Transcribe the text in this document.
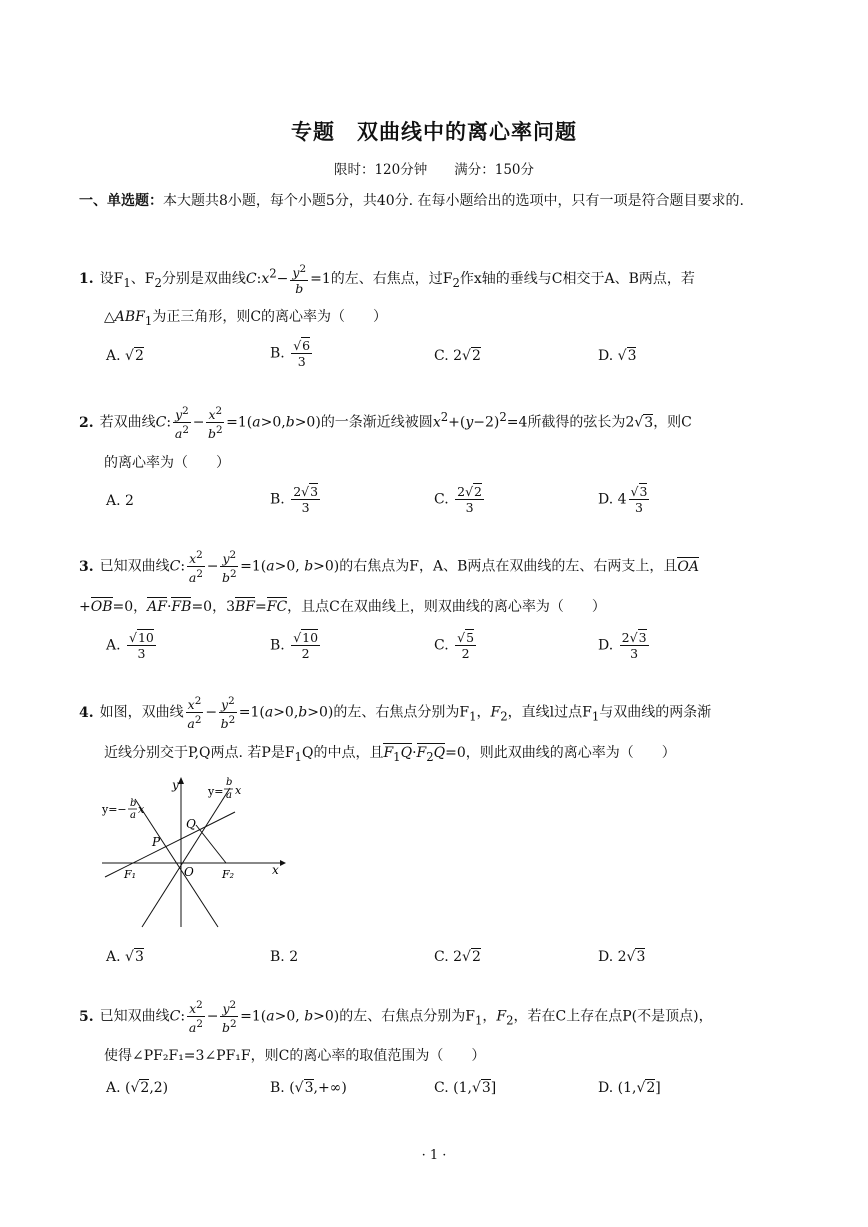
专题　双曲线中的离心率问题
限时：120分钟　　满分：150分
一、单选题：本大题共8小题，每个小题5分，共40分. 在每小题给出的选项中，只有一项是符合题目要求的.
1. 设$F_1$、$F_2$分别是双曲线$C:x^2- \frac{y^2}{b} =1$的左、右焦点，过$F_2$作x轴的垂线与C相交于A、B两点，若
$\triangle ABF_1$为正三角形，则C的离心率为（　　）
A. √2	B. $\frac{√6}{3}$	C. 2√2	D. √3
2. 若双曲线C: $\frac{y^2}{a^2} - \frac{x^2}{b^2} =1(a>0,b>0)$的一条渐近线被圆$x^2+(y-2)^2=4$所截得的弦长为2√3，则C
的离心率为（　　）
A. 2	B. $\frac{2√3}{3}$	C. $\frac{2√2}{3}$	D. $4 \frac{√3}{3}$
3. 已知双曲线C: $\frac{x^2}{a^2} - \frac{y^2}{b^2} =1(a>0$, b>0)的右焦点为F，A、B两点在双曲线的左、右两支上，且OA
+OB=0，AF·FB=0，3BF=FC，且点C在双曲线上，则双曲线的离心率为（　　）
A. $\frac{√10}{3}$	B. $\frac{√10}{2}$	C. $\frac{√5}{2}$	D. $\frac{2√3}{3}$
4. 如图，双曲线 $\frac{x^2}{a^2} - \frac{y^2}{b^2} =1(a>0,b>0)$的左、右焦点分别为$F_1$，$F_2$，直线l过点$F_1$与双曲线的两条渐
近线分别交于P,Q两点. 若P是$F_1Q$的中点，且$F_1Q\cdot F_2Q=0$，则此双曲线的离心率为（　　）
y
x
O
P
Q
F₁	F₂
y=− b
a x
y=
b
a x
A. √3	B. 2	C. 2√2	D. 2√3
5. 已知双曲线C: $\frac{x^2}{a^2} - \frac{y^2}{b^2} =1(a>0$, b>0)的左、右焦点分别为$F_1$，$F_2$，若在C上存在点P(不是顶点)，
使得∠PF₂F₁=3∠PF₁F，则C的离心率的取值范围为（　　）
A. (√2,2)	B. (√3,+∞)	C. (1,√3]	D. (1,√2]
· 1 ·
